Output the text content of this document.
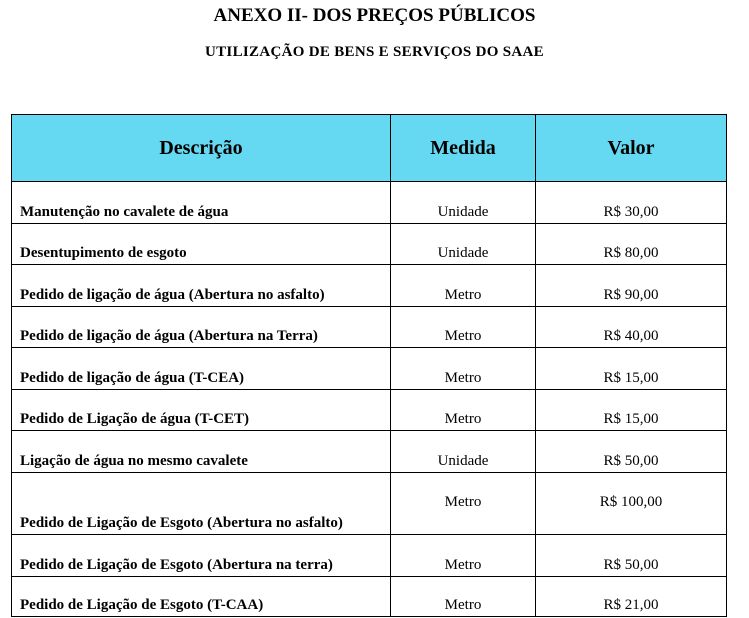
ANEXO II- DOS PREÇOS PÚBLICOS
UTILIZAÇÃO DE BENS E SERVIÇOS DO SAAE
Descrição	Medida	Valor
Manutenção no cavalete de água	Unidade	R$ 30,00
Desentupimento de esgoto	Unidade	R$ 80,00
Pedido de ligação de água (Abertura no asfalto)	Metro	R$ 90,00
Pedido de ligação de água (Abertura na Terra)	Metro	R$ 40,00
Pedido de ligação de água (T-CEA)	Metro	R$ 15,00
Pedido de Ligação de água (T-CET)	Metro	R$ 15,00
Ligação de água no mesmo cavalete	Unidade	R$ 50,00
Pedido de Ligação de Esgoto (Abertura no asfalto)	Metro	R$ 100,00
Pedido de Ligação de Esgoto (Abertura na terra)	Metro	R$ 50,00
Pedido de Ligação de Esgoto (T-CAA)	Metro	R$ 21,00
